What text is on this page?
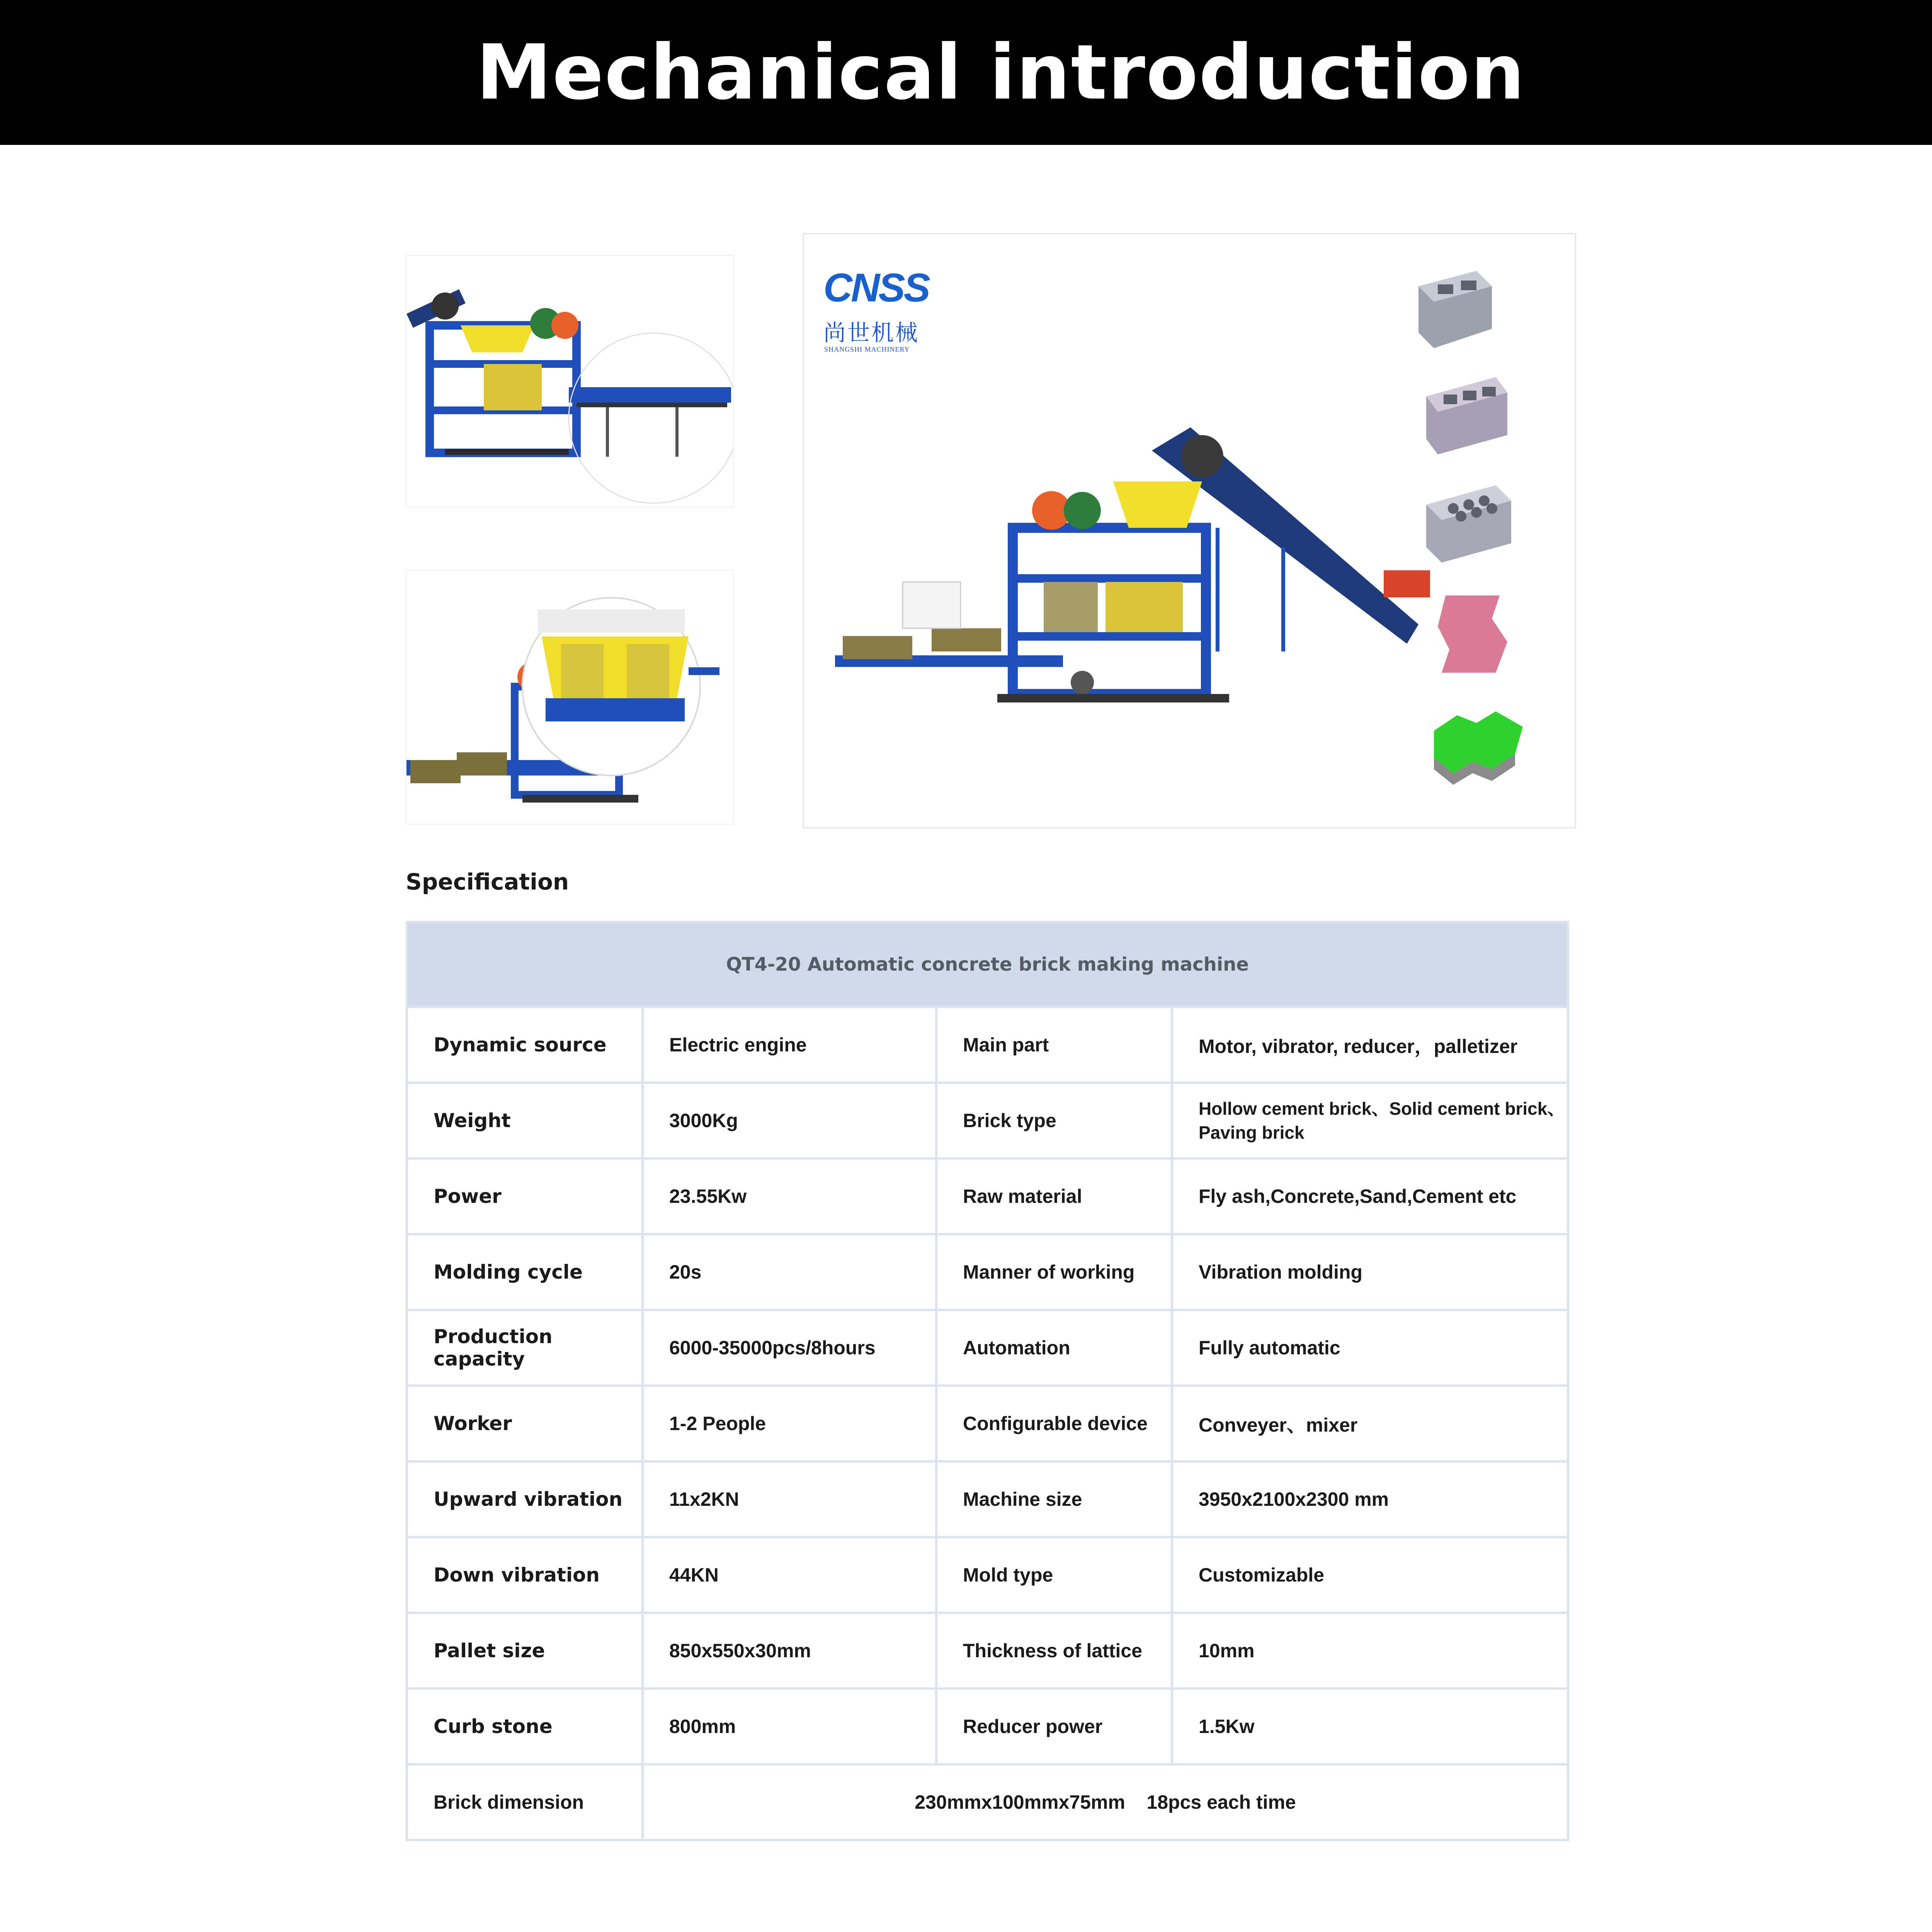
Mechanical introduction
CNSS
尚世机械
SHANGSHI MACHINERY
Specification
QT4-20 Automatic concrete brick making machine			
Dynamic source	Electric engine	Main part	Motor, vibrator, reducer，palletizer
Weight	3000Kg	Brick type	Hollow cement brick、Solid cement brick、Paving brick
Power	23.55Kw	Raw material	Fly ash,Concrete,Sand,Cement etc
Molding cycle	20s	Manner of working	Vibration molding
Production capacity	6000-35000pcs/8hours	Automation	Fully automatic
Worker	1-2 People	Configurable device	Conveyer、mixer
Upward vibration	11x2KN	Machine size	3950x2100x2300 mm
Down vibration	44KN	Mold type	Customizable
Pallet size	850x550x30mm	Thickness of lattice	10mm
Curb stone	800mm	Reducer power	1.5Kw
Brick dimension	230mmx100mmx75mm    18pcs each time		
